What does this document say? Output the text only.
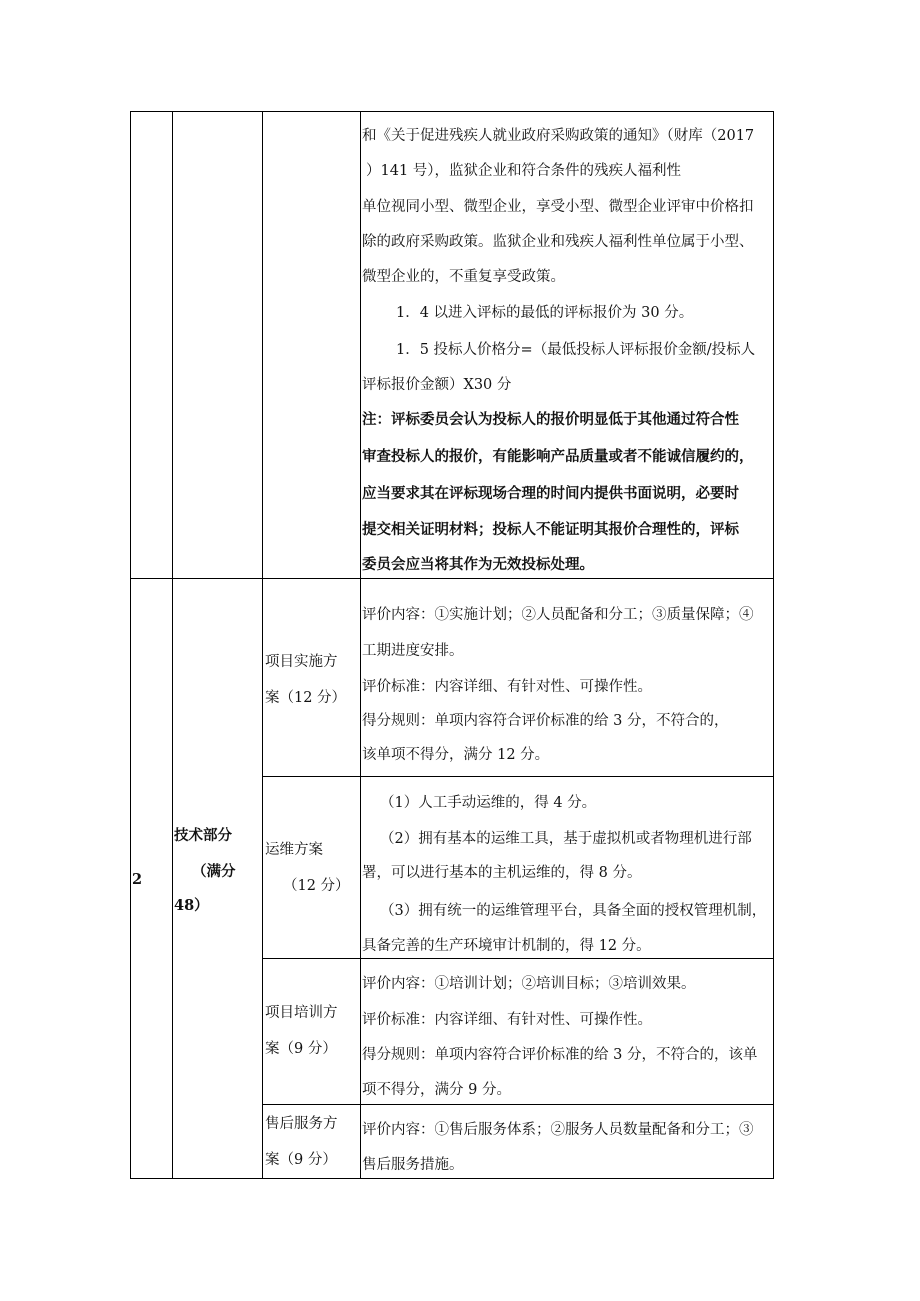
和《关于促进残疾人就业政府采购政策的通知》（财库（2017
）141 号），监狱企业和符合条件的残疾人福利性
单位视同小型、微型企业，享受小型、微型企业评审中价格扣
除的政府采购政策。监狱企业和残疾人福利性单位属于小型、
微型企业的，不重复享受政策。
1．4 以进入评标的最低的评标报价为 30 分。
1．5 投标人价格分=（最低投标人评标报价金额/投标人
评标报价金额）X30 分
注：评标委员会认为投标人的报价明显低于其他通过符合性
审查投标人的报价，有能影响产品质量或者不能诚信履约的，
应当要求其在评标现场合理的时间内提供书面说明，必要时
提交相关证明材料；投标人不能证明其报价合理性的，评标
委员会应当将其作为无效投标处理。
2
技术部分
（满分
48）
项目实施方
案（12 分）
评价内容：①实施计划；②人员配备和分工；③质量保障；④
工期进度安排。
评价标准：内容详细、有针对性、可操作性。
得分规则：单项内容符合评价标准的给 3 分，不符合的，
该单项不得分，满分 12 分。
运维方案
（12 分）
（1）人工手动运维的，得 4 分。
（2）拥有基本的运维工具，基于虚拟机或者物理机进行部
署，可以进行基本的主机运维的，得 8 分。
（3）拥有统一的运维管理平台，具备全面的授权管理机制，
具备完善的生产环境审计机制的，得 12 分。
项目培训方
案（9 分）
评价内容：①培训计划；②培训目标；③培训效果。
评价标准：内容详细、有针对性、可操作性。
得分规则：单项内容符合评价标准的给 3 分，不符合的，该单
项不得分，满分 9 分。
售后服务方
案（9 分）
评价内容：①售后服务体系；②服务人员数量配备和分工；③
售后服务措施。
